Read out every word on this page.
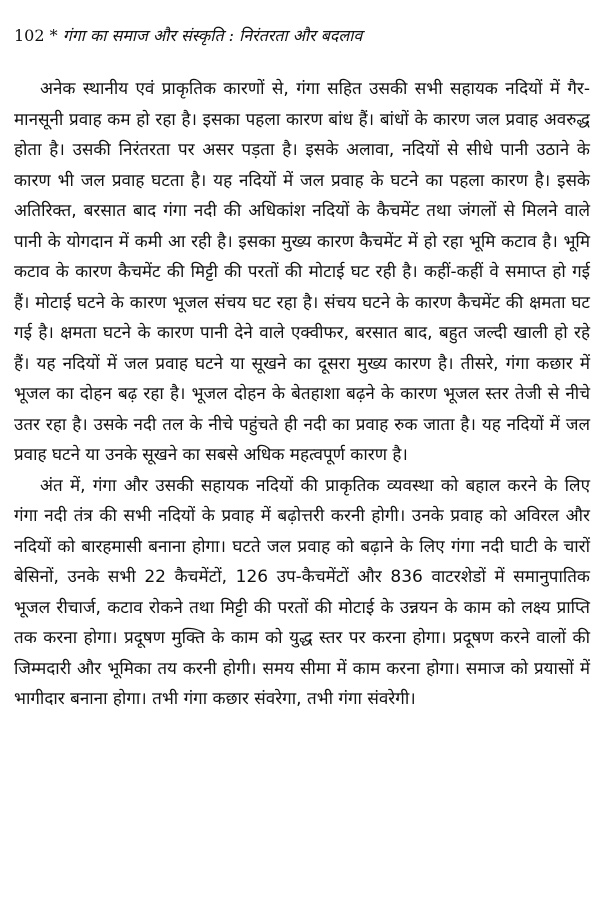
102 * गंगा का समाज और संस्कृति : निरंतरता और बदलाव

अनेक स्थानीय एवं प्राकृतिक कारणों से, गंगा सहित उसकी सभी सहायक नदियों में गैर-मानसूनी प्रवाह कम हो रहा है। इसका पहला कारण बांध हैं। बांधों के कारण जल प्रवाह अवरुद्ध होता है। उसकी निरंतरता पर असर पड़ता है। इसके अलावा, नदियों से सीधे पानी उठाने के कारण भी जल प्रवाह घटता है। यह नदियों में जल प्रवाह के घटने का पहला कारण है। इसके अतिरिक्त, बरसात बाद गंगा नदी की अधिकांश नदियों के कैचमेंट तथा जंगलों से मिलने वाले पानी के योगदान में कमी आ रही है। इसका मुख्य कारण कैचमेंट में हो रहा भूमि कटाव है। भूमि कटाव के कारण कैचमेंट की मिट्टी की परतों की मोटाई घट रही है। कहीं-कहीं वे समाप्त हो गई हैं। मोटाई घटने के कारण भूजल संचय घट रहा है। संचय घटने के कारण कैचमेंट की क्षमता घट गई है। क्षमता घटने के कारण पानी देने वाले एक्वीफर, बरसात बाद, बहुत जल्दी खाली हो रहे हैं। यह नदियों में जल प्रवाह घटने या सूखने का दूसरा मुख्य कारण है। तीसरे, गंगा कछार में भूजल का दोहन बढ़ रहा है। भूजल दोहन के बेतहाशा बढ़ने के कारण भूजल स्तर तेजी से नीचे उतर रहा है। उसके नदी तल के नीचे पहुंचते ही नदी का प्रवाह रुक जाता है। यह नदियों में जल प्रवाह घटने या उनके सूखने का सबसे अधिक महत्वपूर्ण कारण है।

अंत में, गंगा और उसकी सहायक नदियों की प्राकृतिक व्यवस्था को बहाल करने के लिए गंगा नदी तंत्र की सभी नदियों के प्रवाह में बढ़ोत्तरी करनी होगी। उनके प्रवाह को अविरल और नदियों को बारहमासी बनाना होगा। घटते जल प्रवाह को बढ़ाने के लिए गंगा नदी घाटी के चारों बेसिनों, उनके सभी 22 कैचमेंटों, 126 उप-कैचमेंटों और 836 वाटरशेडों में समानुपातिक भूजल रीचार्ज, कटाव रोकने तथा मिट्टी की परतों की मोटाई के उन्नयन के काम को लक्ष्य प्राप्ति तक करना होगा। प्रदूषण मुक्ति के काम को युद्ध स्तर पर करना होगा। प्रदूषण करने वालों की जिम्मदारी और भूमिका तय करनी होगी। समय सीमा में काम करना होगा। समाज को प्रयासों में भागीदार बनाना होगा। तभी गंगा कछार संवरेगा, तभी गंगा संवरेगी।
